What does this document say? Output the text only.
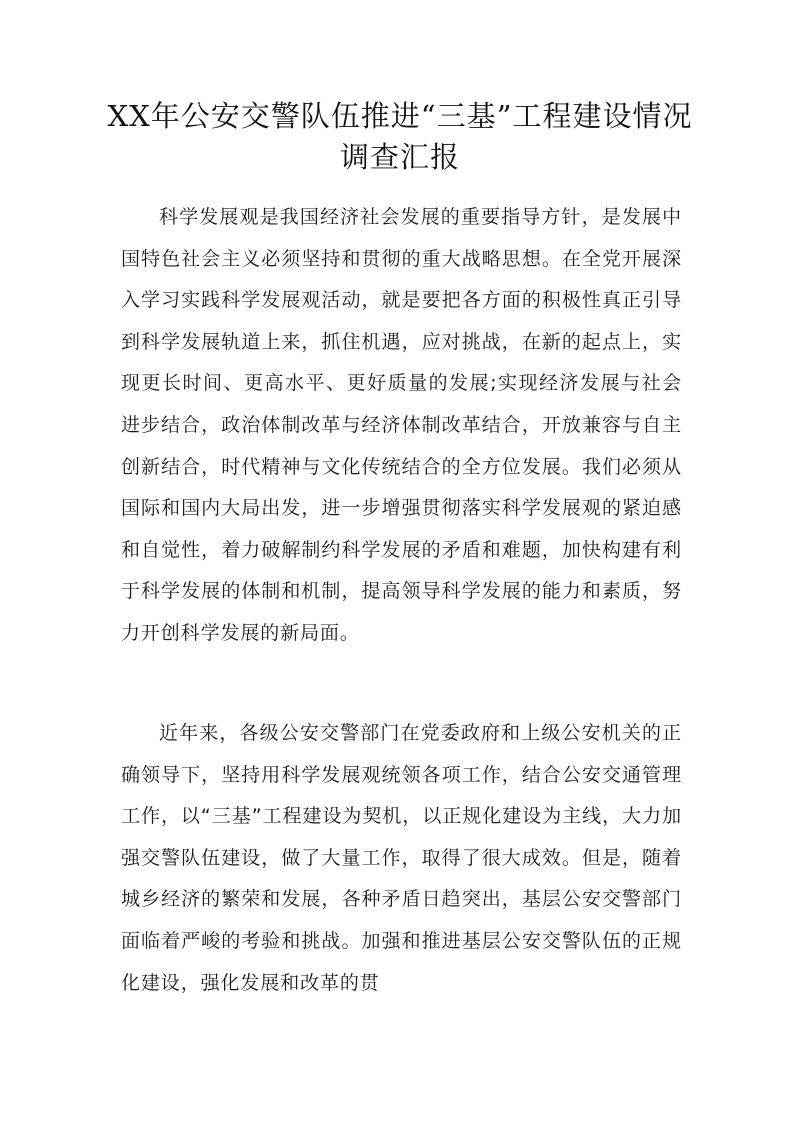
XX年公安交警队伍推进“三基”工程建设情况调查汇报

科学发展观是我国经济社会发展的重要指导方针，是发展中国特色社会主义必须坚持和贯彻的重大战略思想。在全党开展深入学习实践科学发展观活动，就是要把各方面的积极性真正引导到科学发展轨道上来，抓住机遇，应对挑战，在新的起点上，实现更长时间、更高水平、更好质量的发展;实现经济发展与社会进步结合，政治体制改革与经济体制改革结合，开放兼容与自主创新结合，时代精神与文化传统结合的全方位发展。我们必须从国际和国内大局出发，进一步增强贯彻落实科学发展观的紧迫感和自觉性，着力破解制约科学发展的矛盾和难题，加快构建有利于科学发展的体制和机制，提高领导科学发展的能力和素质，努力开创科学发展的新局面。

近年来，各级公安交警部门在党委政府和上级公安机关的正确领导下，坚持用科学发展观统领各项工作，结合公安交通管理工作，以“三基”工程建设为契机，以正规化建设为主线，大力加强交警队伍建设，做了大量工作，取得了很大成效。但是，随着城乡经济的繁荣和发展，各种矛盾日趋突出，基层公安交警部门面临着严峻的考验和挑战。加强和推进基层公安交警队伍的正规化建设，强化发展和改革的贯
